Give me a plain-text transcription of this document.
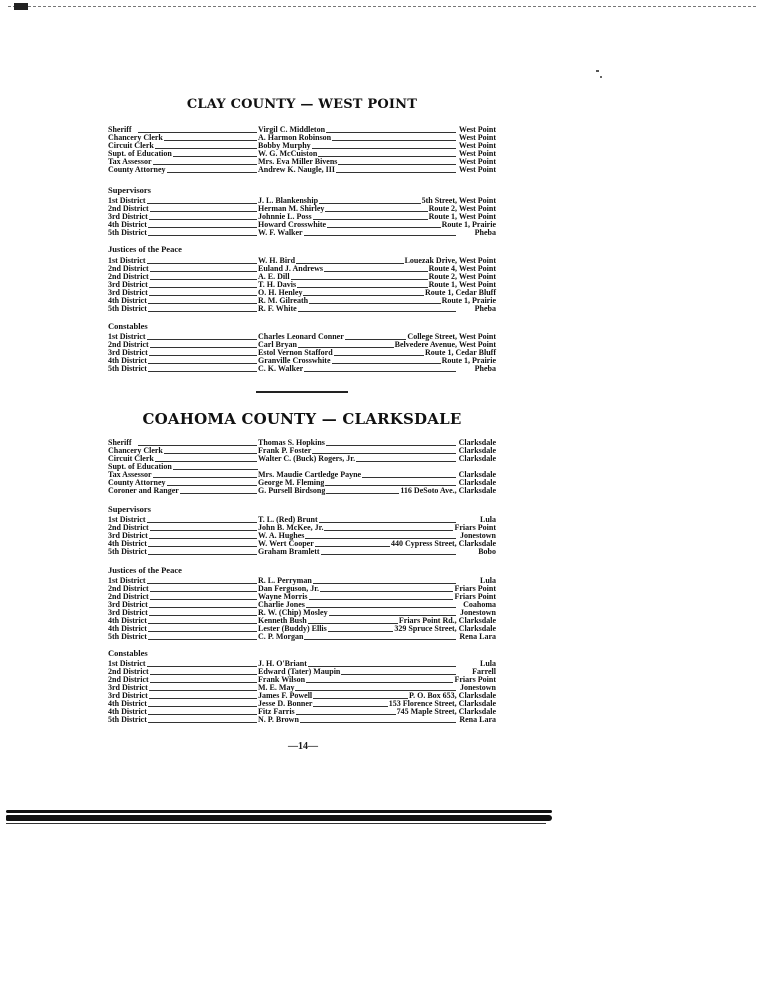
CLAY COUNTY — WEST POINT
Sheriff	Virgil C. Middleton	West Point
Chancery Clerk	A. Harmon Robinson	West Point
Circuit Clerk	Bobby Murphy	West Point
Supt. of Education	W. G. McCuiston	West Point
Tax Assessor	Mrs. Eva Miller Bivens	West Point
County Attorney	Andrew K. Naugle, III	West Point

Supervisors

1st District	J. L. Blankenship	5th Street, West Point
2nd District	Herman M. Shirley	Route 2, West Point
3rd District	Johnnie L. Poss	Route 1, West Point
4th District	Howard Crosswhite	Route 1, Prairie
5th District	W. F. Walker	Pheba

Justices of the Peace

1st District	W. H. Bird	Louezak Drive, West Point
2nd District	Euland J. Andrews	Route 4, West Point
2nd District	A. E. Dill	Route 2, West Point
3rd District	T. H. Davis	Route 1, West Point
3rd District	O. H. Henley	Route 1, Cedar Bluff
4th District	R. M. Gilreath	Route 1, Prairie
5th District	R. F. White	Pheba

Constables

1st District	Charles Leonard Conner	College Street, West Point
2nd District	Carl Bryan	Belvedere Avenue, West Point
3rd District	Estol Vernon Stafford	Route 1, Cedar Bluff
4th District	Granville Crosswhite	Route 1, Prairie
5th District	C. K. Walker	Pheba
COAHOMA COUNTY — CLARKSDALE
Sheriff	Thomas S. Hopkins	Clarksdale
Chancery Clerk	Frank P. Foster	Clarksdale
Circuit Clerk	Walter C. (Buck) Rogers, Jr.	Clarksdale
Supt. of Education
Tax Assessor	Mrs. Maudie Cartledge Payne	Clarksdale
County Attorney	George M. Fleming	Clarksdale
Coroner and Ranger	G. Pursell Birdsong	116 DeSoto Ave., Clarksdale

Supervisors

1st District	T. L. (Red) Brunt	Lula
2nd District	John B. McKee, Jr.	Friars Point
3rd District	W. A. Hughes	Jonestown
4th District	W. Wert Cooper	440 Cypress Street, Clarksdale
5th District	Graham Bramlett	Bobo

Justices of the Peace

1st District	R. L. Perryman	Lula
2nd District	Dan Ferguson, Jr.	Friars Point
2nd District	Wayne Morris	Friars Point
3rd District	Charlie Jones	Coahoma
3rd District	R. W. (Chip) Mosley	Jonestown
4th District	Kenneth Bush	Friars Point Rd., Clarksdale
4th District	Lester (Buddy) Ellis	329 Spruce Street, Clarksdale
5th District	C. P. Morgan	Rena Lara

Constables

1st District	J. H. O'Briant	Lula
2nd District	Edward (Tater) Maupin	Farrell
2nd District	Frank Wilson	Friars Point
3rd District	M. E. May	Jonestown
3rd District	James F. Powell	P. O. Box 653, Clarksdale
4th District	Jesse D. Bonner	153 Florence Street, Clarksdale
4th District	Fitz Farris	745 Maple Street, Clarksdale
5th District	N. P. Brown	Rena Lara
—14—
